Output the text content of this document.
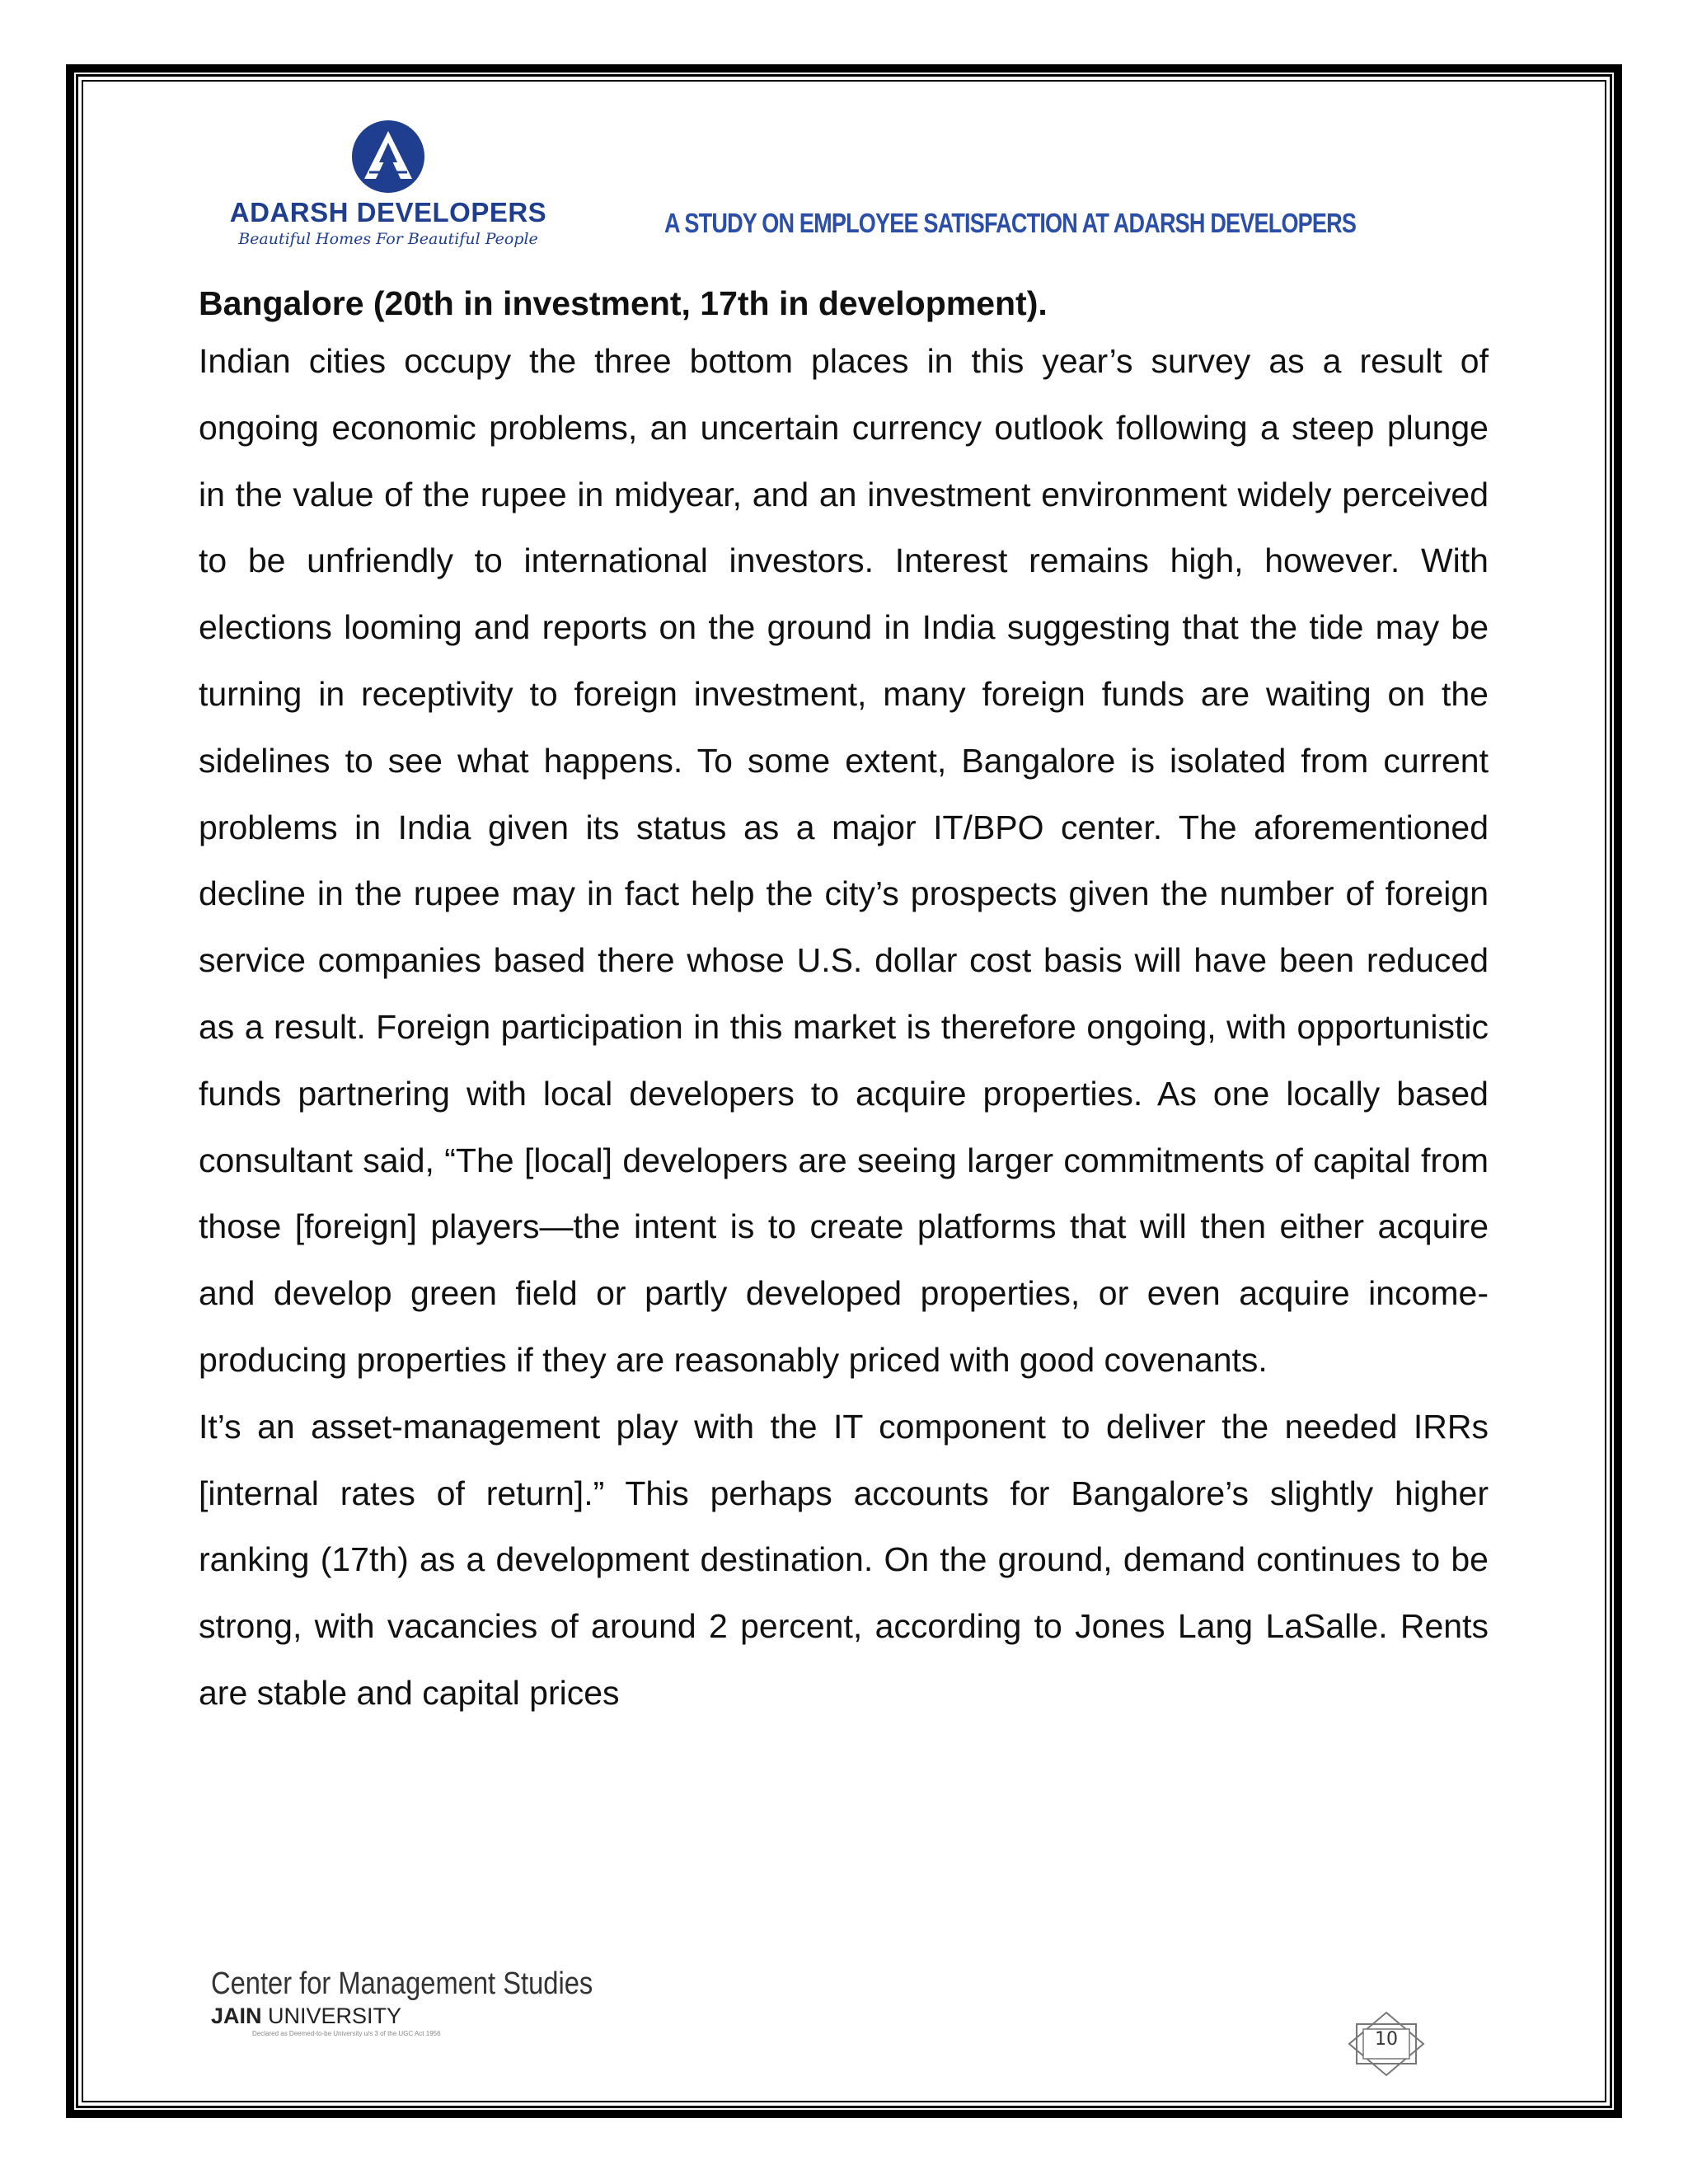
ADARSH DEVELOPERS
Beautiful Homes For Beautiful People
A STUDY ON EMPLOYEE SATISFACTION AT ADARSH DEVELOPERS

Bangalore (20th in investment, 17th in development).

Indian cities occupy the three bottom places in this year’s survey as a result of ongoing economic problems, an uncertain currency outlook following a steep plunge in the value of the rupee in midyear, and an investment environment widely perceived to be unfriendly to international investors. Interest remains high, however. With elections looming and reports on the ground in India suggesting that the tide may be turning in receptivity to foreign investment, many foreign funds are waiting on the sidelines to see what happens. To some extent, Bangalore is isolated from current problems in India given its status as a major IT/BPO center. The aforementioned decline in the rupee may in fact help the city’s prospects given the number of foreign service companies based there whose U.S. dollar cost basis will have been reduced as a result. Foreign participation in this market is therefore ongoing, with opportunistic funds partnering with local developers to acquire properties. As one locally based consultant said, “The [local] developers are seeing larger commitments of capital from those [foreign] players—the intent is to create platforms that will then either acquire and develop green field or partly developed properties, or even acquire income-producing properties if they are reasonably priced with good covenants.

It’s an asset-management play with the IT component to deliver the needed IRRs [internal rates of return].” This perhaps accounts for Bangalore’s slightly higher ranking (17th) as a development destination. On the ground, demand continues to be strong, with vacancies of around 2 percent, according to Jones Lang LaSalle. Rents are stable and capital prices

Center for Management Studies
JAIN UNIVERSITY
Declared as Deemed-to-be University u/s 3 of the UGC Act 1956	10
